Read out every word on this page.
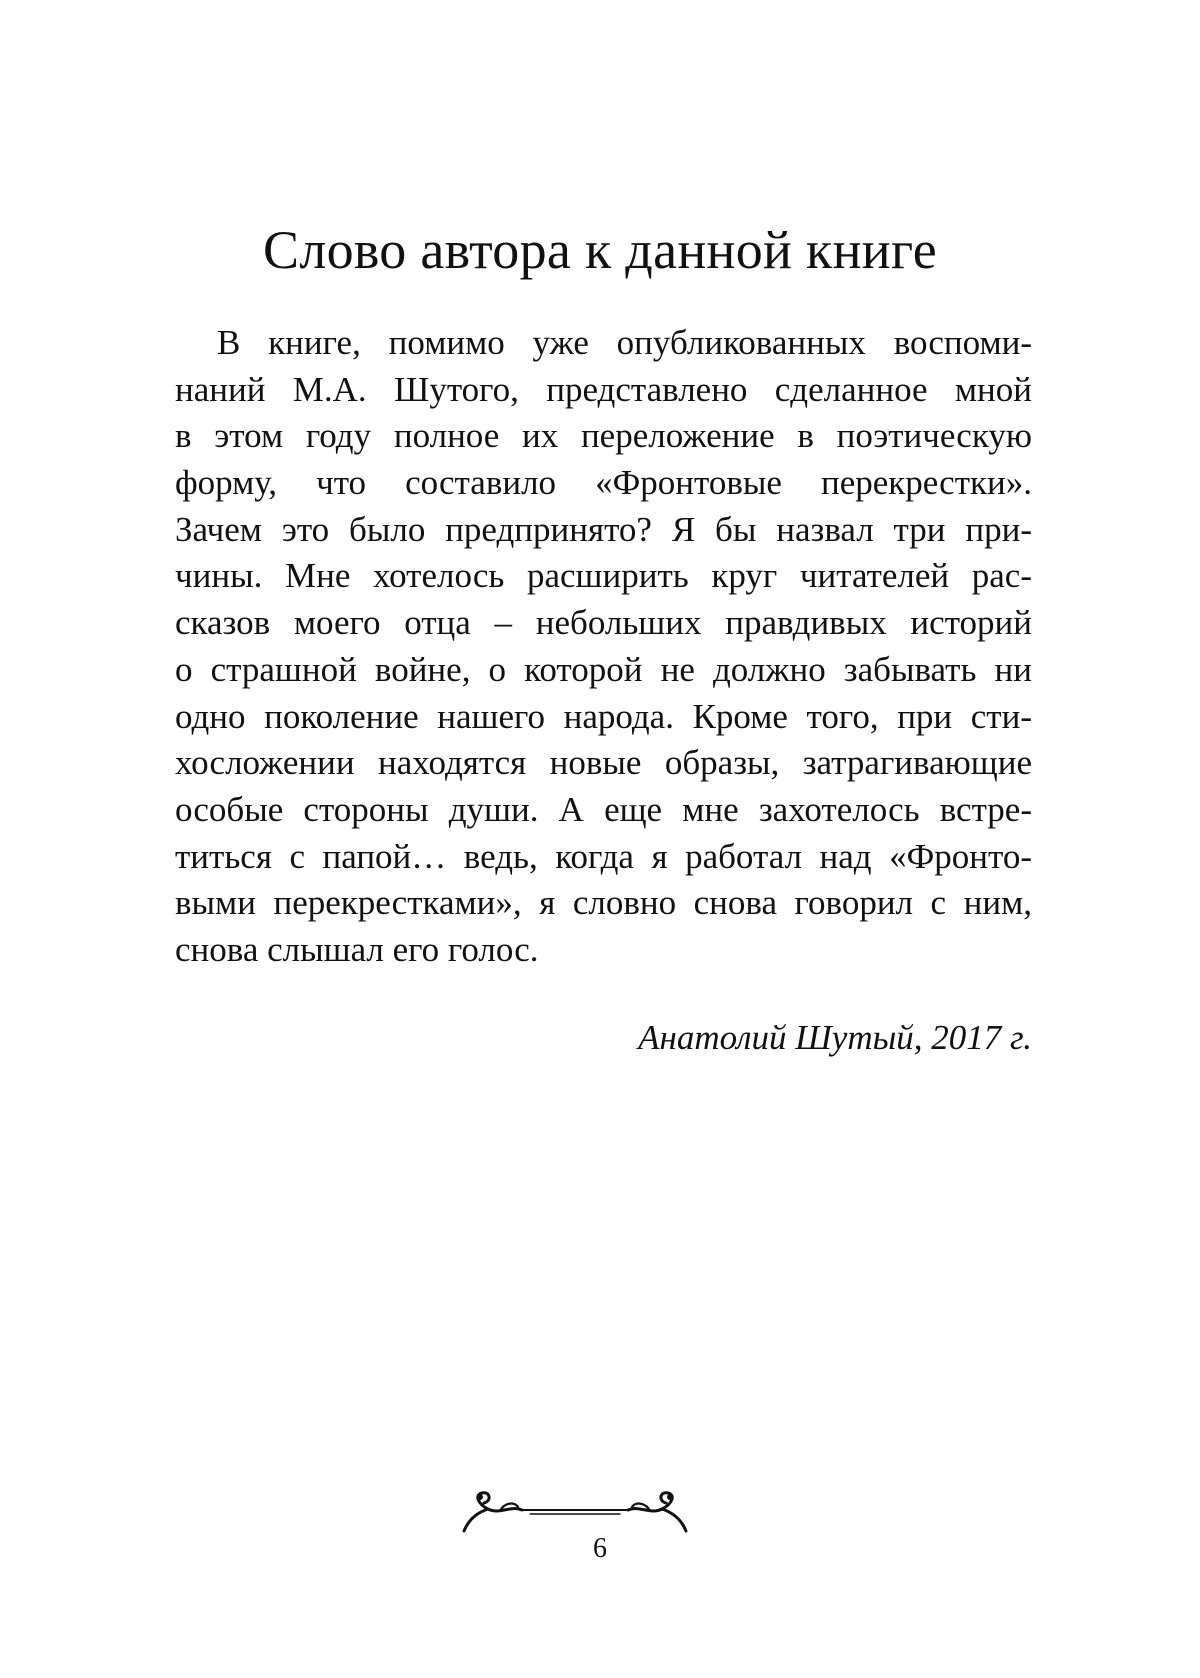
Слово автора к данной книге
В книге, помимо уже опубликованных воспоми-
наний М.А. Шутого, представлено сделанное мной
в этом году полное их переложение в поэтическую
форму, что составило «Фронтовые перекрестки».
Зачем это было предпринято? Я бы назвал три при-
чины. Мне хотелось расширить круг читателей рас-
сказов моего отца – небольших правдивых историй
о страшной войне, о которой не должно забывать ни
одно поколение нашего народа. Кроме того, при сти-
хосложении находятся новые образы, затрагивающие
особые стороны души. А еще мне захотелось встре-
титься с папой… ведь, когда я работал над «Фронто-
выми перекрестками», я словно снова говорил с ним,
снова слышал его голос.
Анатолий Шутый, 2017 г.
6
